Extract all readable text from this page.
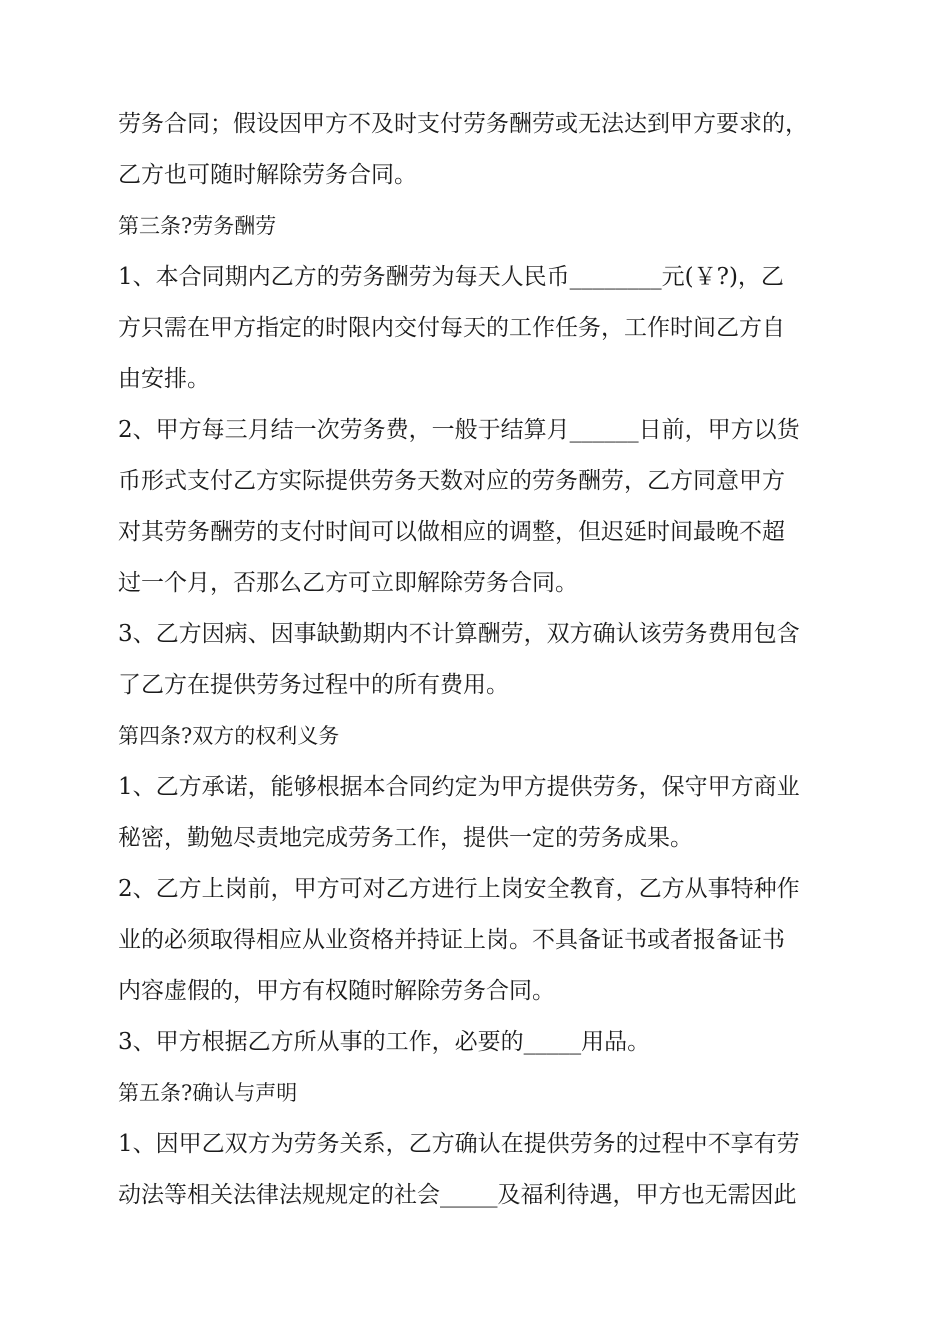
劳务合同；假设因甲方不及时支付劳务酬劳或无法达到甲方要求的，
乙方也可随时解除劳务合同。
第三条?劳务酬劳
1、本合同期内乙方的劳务酬劳为每天人民币________元(￥?)，乙
方只需在甲方指定的时限内交付每天的工作任务，工作时间乙方自
由安排。
2、甲方每三月结一次劳务费，一般于结算月______日前，甲方以货
币形式支付乙方实际提供劳务天数对应的劳务酬劳，乙方同意甲方
对其劳务酬劳的支付时间可以做相应的调整，但迟延时间最晚不超
过一个月，否那么乙方可立即解除劳务合同。
3、乙方因病、因事缺勤期内不计算酬劳，双方确认该劳务费用包含
了乙方在提供劳务过程中的所有费用。
第四条?双方的权利义务
1、乙方承诺，能够根据本合同约定为甲方提供劳务，保守甲方商业
秘密，勤勉尽责地完成劳务工作，提供一定的劳务成果。
2、乙方上岗前，甲方可对乙方进行上岗安全教育，乙方从事特种作
业的必须取得相应从业资格并持证上岗。不具备证书或者报备证书
内容虚假的，甲方有权随时解除劳务合同。
3、甲方根据乙方所从事的工作，必要的_____用品。
第五条?确认与声明
1、因甲乙双方为劳务关系，乙方确认在提供劳务的过程中不享有劳
动法等相关法律法规规定的社会_____及福利待遇，甲方也无需因此
